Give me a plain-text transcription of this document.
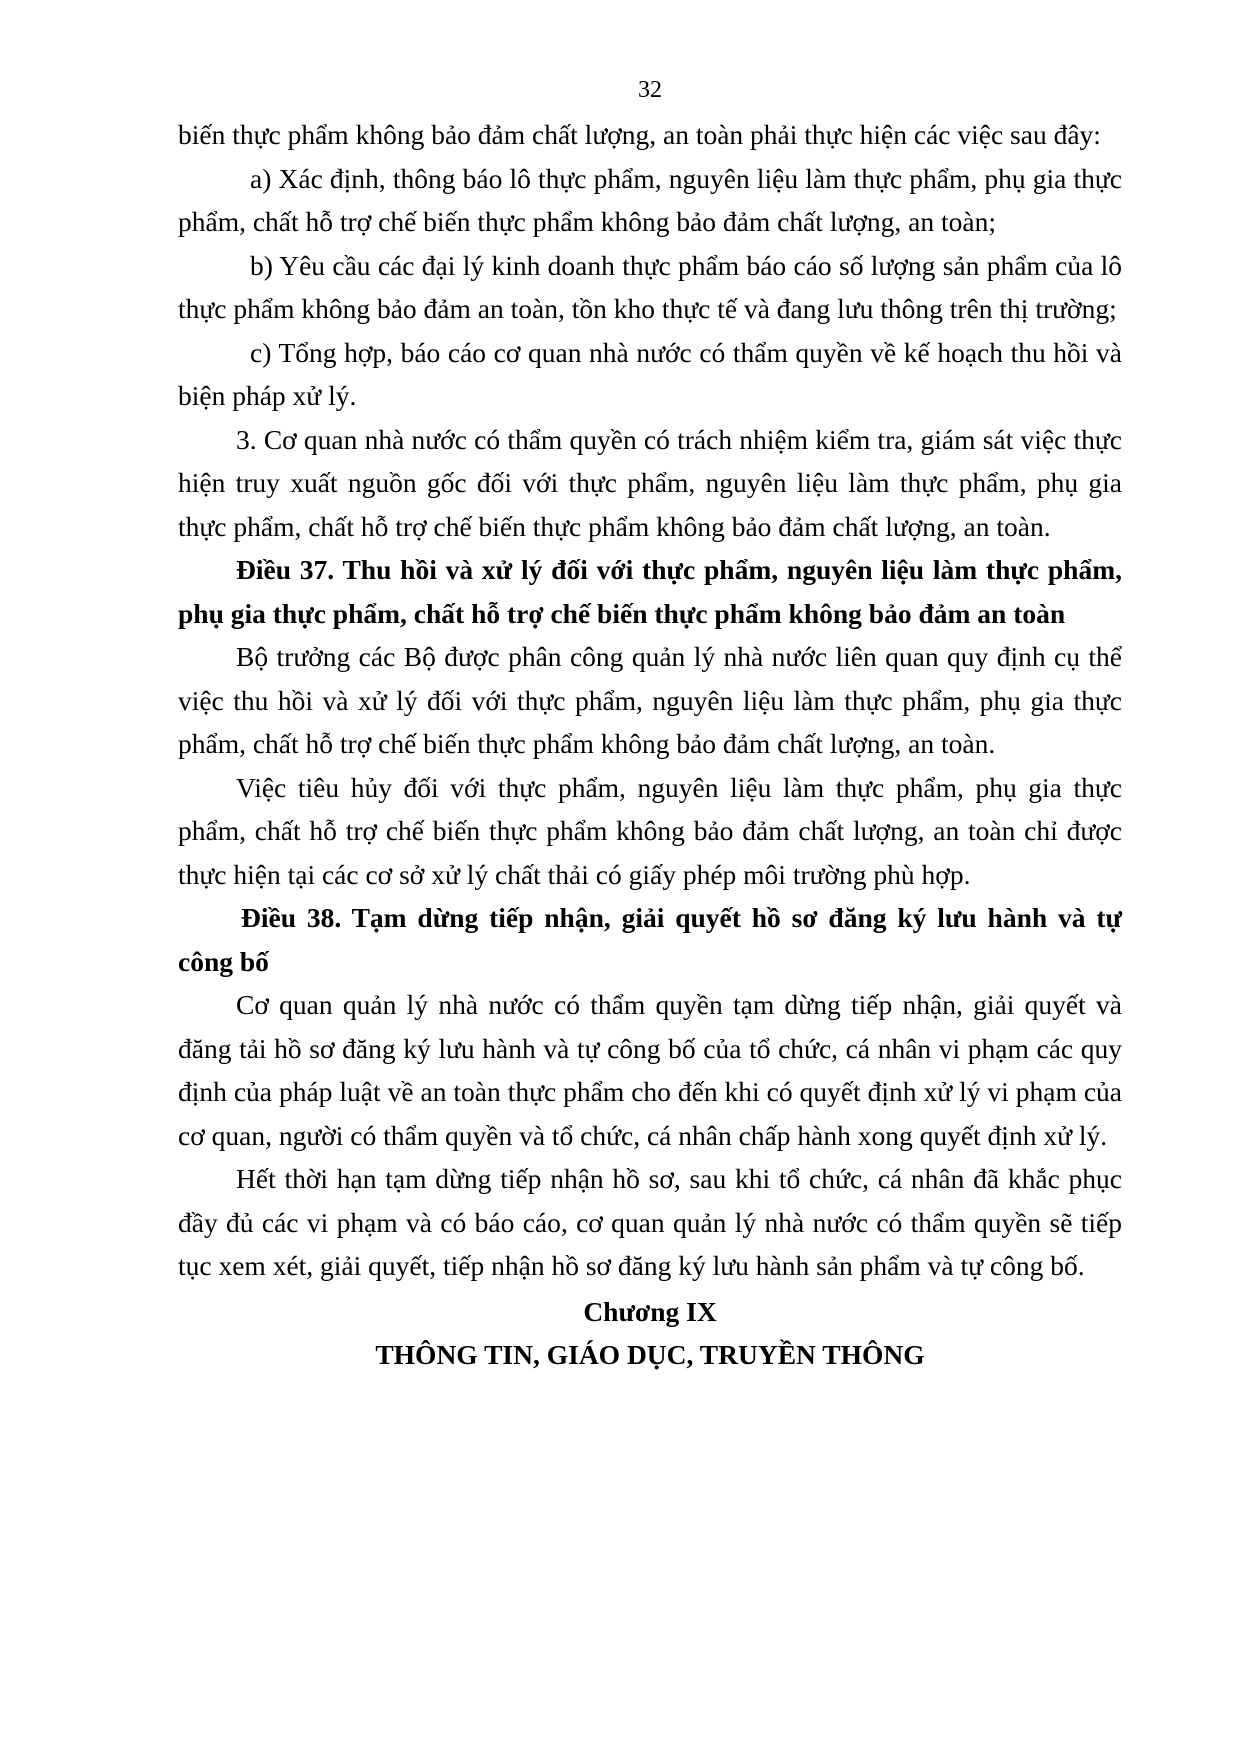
32

biến thực phẩm không bảo đảm chất lượng, an toàn phải thực hiện các việc sau đây:

a) Xác định, thông báo lô thực phẩm, nguyên liệu làm thực phẩm, phụ gia thực phẩm, chất hỗ trợ chế biến thực phẩm không bảo đảm chất lượng, an toàn;

b) Yêu cầu các đại lý kinh doanh thực phẩm báo cáo số lượng sản phẩm của lô thực phẩm không bảo đảm an toàn, tồn kho thực tế và đang lưu thông trên thị trường;

c) Tổng hợp, báo cáo cơ quan nhà nước có thẩm quyền về kế hoạch thu hồi và biện pháp xử lý.

3. Cơ quan nhà nước có thẩm quyền có trách nhiệm kiểm tra, giám sát việc thực hiện truy xuất nguồn gốc đối với thực phẩm, nguyên liệu làm thực phẩm, phụ gia thực phẩm, chất hỗ trợ chế biến thực phẩm không bảo đảm chất lượng, an toàn.

Điều 37. Thu hồi và xử lý đối với thực phẩm, nguyên liệu làm thực phẩm, phụ gia thực phẩm, chất hỗ trợ chế biến thực phẩm không bảo đảm an toàn

Bộ trưởng các Bộ được phân công quản lý nhà nước liên quan quy định cụ thể việc thu hồi và xử lý đối với thực phẩm, nguyên liệu làm thực phẩm, phụ gia thực phẩm, chất hỗ trợ chế biến thực phẩm không bảo đảm chất lượng, an toàn.

Việc tiêu hủy đối với thực phẩm, nguyên liệu làm thực phẩm, phụ gia thực phẩm, chất hỗ trợ chế biến thực phẩm không bảo đảm chất lượng, an toàn chỉ được thực hiện tại các cơ sở xử lý chất thải có giấy phép môi trường phù hợp.

Điều 38. Tạm dừng tiếp nhận, giải quyết hồ sơ đăng ký lưu hành và tự công bố

Cơ quan quản lý nhà nước có thẩm quyền tạm dừng tiếp nhận, giải quyết và đăng tải hồ sơ đăng ký lưu hành và tự công bố của tổ chức, cá nhân vi phạm các quy định của pháp luật về an toàn thực phẩm cho đến khi có quyết định xử lý vi phạm của cơ quan, người có thẩm quyền và tổ chức, cá nhân chấp hành xong quyết định xử lý.

Hết thời hạn tạm dừng tiếp nhận hồ sơ, sau khi tổ chức, cá nhân đã khắc phục đầy đủ các vi phạm và có báo cáo, cơ quan quản lý nhà nước có thẩm quyền sẽ tiếp tục xem xét, giải quyết, tiếp nhận hồ sơ đăng ký lưu hành sản phẩm và tự công bố.

Chương IX
THÔNG TIN, GIÁO DỤC, TRUYỀN THÔNG
